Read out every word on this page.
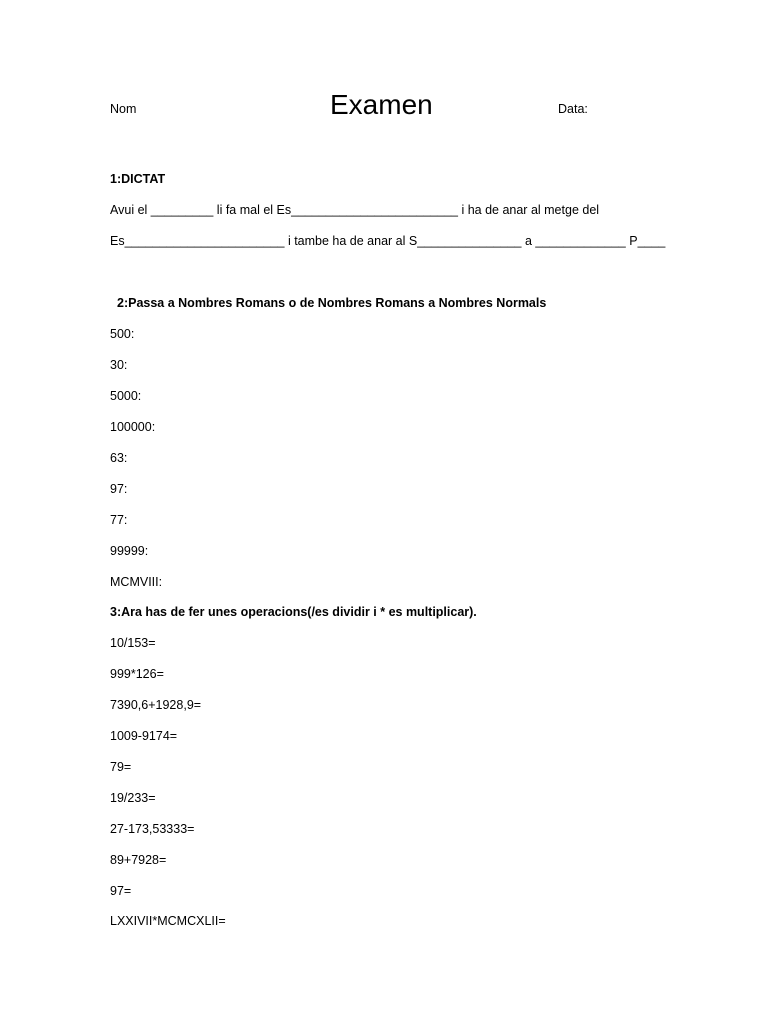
Nom	Examen	Data:
1:DICTAT
Avui el _________ li fa mal el Es________________________ i ha de anar al metge del
Es_______________________ i tambe ha de anar al S_______________ a _____________ P____
2:Passa a Nombres Romans o de Nombres Romans a Nombres Normals
500:
30:
5000:
100000:
63:
97:
77:
99999:
MCMVIII:
3:Ara has de fer unes operacions(/es dividir i * es multiplicar).
10/153=
999*126=
7390,6+1928,9=
1009-9174=
79=
19/233=
27-173,53333=
89+7928=
97=
LXXIVII*MCMCXLII=
